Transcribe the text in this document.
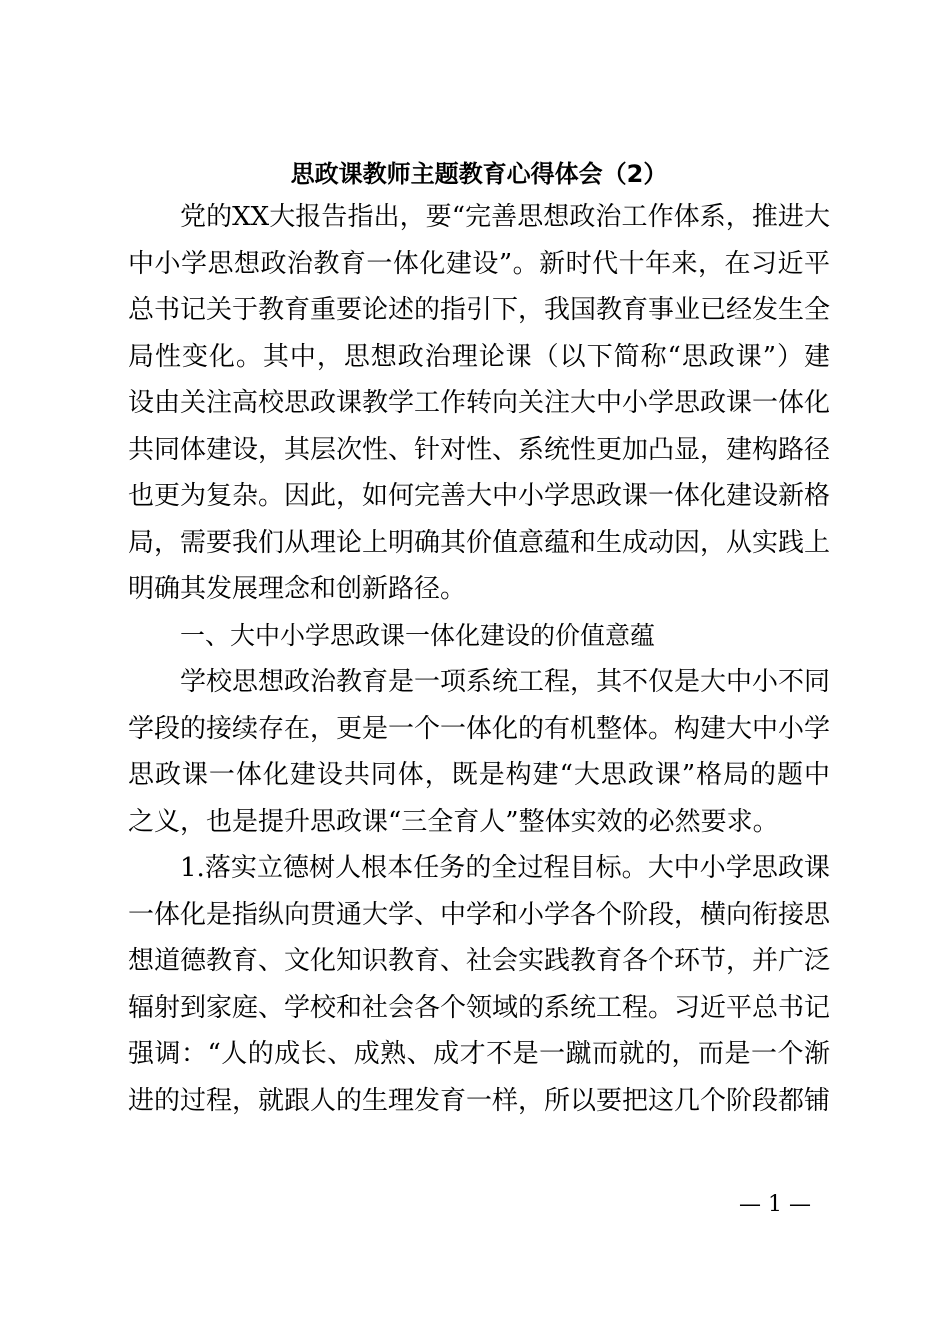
思政课教师主题教育心得体会（2）

党的XX大报告指出，要“完善思想政治工作体系，推进大中小学思想政治教育一体化建设”。新时代十年来，在习近平总书记关于教育重要论述的指引下，我国教育事业已经发生全局性变化。其中，思想政治理论课（以下简称“思政课”）建设由关注高校思政课教学工作转向关注大中小学思政课一体化共同体建设，其层次性、针对性、系统性更加凸显，建构路径也更为复杂。因此，如何完善大中小学思政课一体化建设新格局，需要我们从理论上明确其价值意蕴和生成动因，从实践上明确其发展理念和创新路径。

一、大中小学思政课一体化建设的价值意蕴

学校思想政治教育是一项系统工程，其不仅是大中小不同学段的接续存在，更是一个一体化的有机整体。构建大中小学思政课一体化建设共同体，既是构建“大思政课”格局的题中之义，也是提升思政课“三全育人”整体实效的必然要求。

1.落实立德树人根本任务的全过程目标。大中小学思政课一体化是指纵向贯通大学、中学和小学各个阶段，横向衔接思想道德教育、文化知识教育、社会实践教育各个环节，并广泛辐射到家庭、学校和社会各个领域的系统工程。习近平总书记强调：“人的成长、成熟、成才不是一蹴而就的，而是一个渐进的过程，就跟人的生理发育一样，所以要把这几个阶段都铺

— 1 —
